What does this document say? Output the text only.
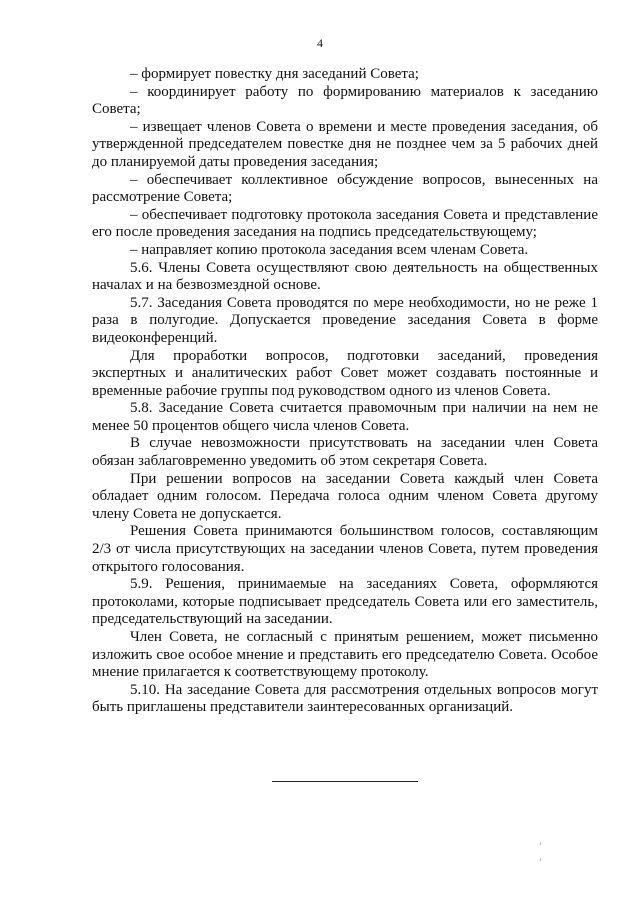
4

– формирует повестку дня заседаний Совета;

– координирует работу по формированию материалов к заседанию Совета;

– извещает членов Совета о времени и месте проведения заседания, об утвержденной председателем повестке дня не позднее чем за 5 рабочих дней до планируемой даты проведения заседания;

– обеспечивает коллективное обсуждение вопросов, вынесенных на рассмотрение Совета;

– обеспечивает подготовку протокола заседания Совета и представление его после проведения заседания на подпись председательствующему;

– направляет копию протокола заседания всем членам Совета.

5.6. Члены Совета осуществляют свою деятельность на общественных началах и на безвозмездной основе.

5.7. Заседания Совета проводятся по мере необходимости, но не реже 1 раза в полугодие. Допускается проведение заседания Совета в форме видеоконференций.

Для проработки вопросов, подготовки заседаний, проведения экспертных и аналитических работ Совет может создавать постоянные и временные рабочие группы под руководством одного из членов Совета.

5.8. Заседание Совета считается правомочным при наличии на нем не менее 50 процентов общего числа членов Совета.

В случае невозможности присутствовать на заседании член Совета обязан заблаговременно уведомить об этом секретаря Совета.

При решении вопросов на заседании Совета каждый член Совета обладает одним голосом. Передача голоса одним членом Совета другому члену Совета не допускается.

Решения Совета принимаются большинством голосов, составляющим 2/3 от числа присутствующих на заседании членов Совета, путем проведения открытого голосования.

5.9. Решения, принимаемые на заседаниях Совета, оформляются протоколами, которые подписывает председатель Совета или его заместитель, председательствующий на заседании.

Член Совета, не согласный с принятым решением, может письменно изложить свое особое мнение и представить его председателю Совета. Особое мнение прилагается к соответствующему протоколу.

5.10. На заседание Совета для рассмотрения отдельных вопросов могут быть приглашены представители заинтересованных организаций.
